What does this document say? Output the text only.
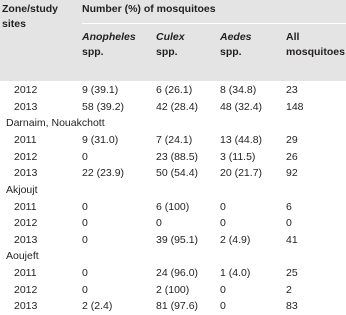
Zone/study
sites
Number (%) of mosquitoes
Anopheles
spp.
Culex
spp.
Aedes
spp.
All
mosquitoes
2012	9 (39.1)	6 (26.1)	8 (34.8)	23
2013	58 (39.2)	42 (28.4) 48 (32.4) 148
Darnaim, Nouakchott
2011	9 (31.0)	7 (24.1)	13 (44.8) 29
2012	0	23 (88.5) 3 (11.5)	26
2013	22 (23.9)	50 (54.4) 20 (21.7) 92
Akjoujt
2011	0	6 (100)	0	6
2012	0	0	0	0
2013	0	39 (95.1) 2 (4.9)	41
Aoujeft
2011	0	24 (96.0) 1 (4.0)	25
2012	0	2 (100)	0	2
2013	2 (2.4)	81 (97.6) 0	83
